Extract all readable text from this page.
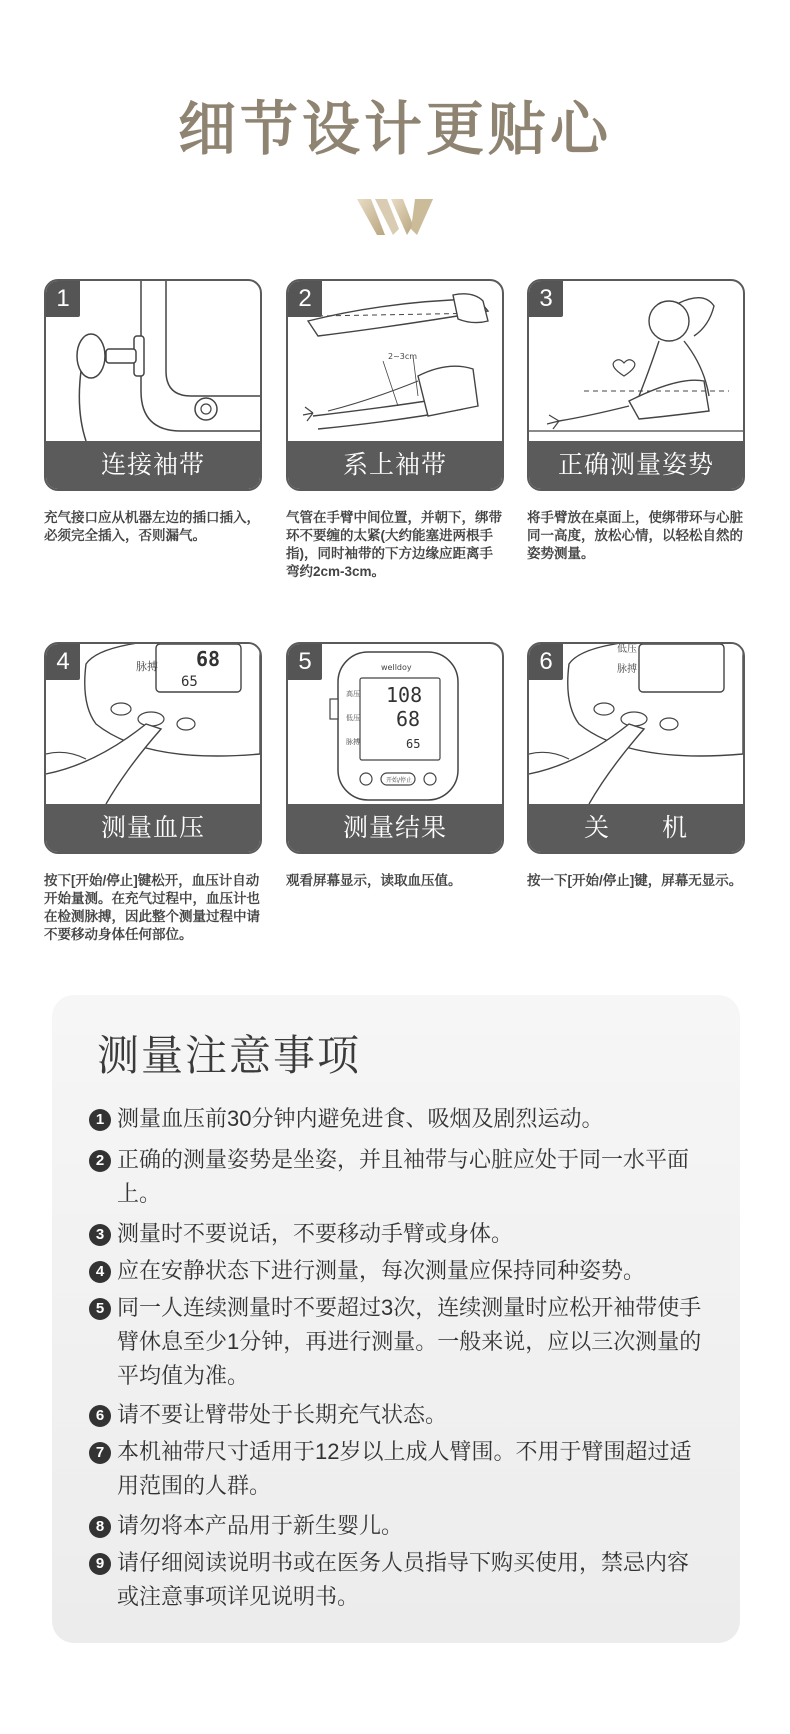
细节设计更贴心
1
连接袖带
充气接口应从机器左边的插口插入，必须完全插入，否则漏气。
2~3cm
2
系上袖带
气管在手臂中间位置，并朝下，绑带环不要缠的太紧(大约能塞进两根手指)，同时袖带的下方边缘应距离手弯约2cm-3cm。
3
正确测量姿势
将手臂放在桌面上，使绑带环与心脏同一高度，放松心情，以轻松自然的姿势测量。
脉搏 68
65
4
测量血压
按下[开始/停止]键松开，血压计自动开始量测。在充气过程中，血压计也在检测脉搏，因此整个测量过程中请不要移动身体任何部位。
welldoy
高压
低压
脉搏
108
68
65
开始/停止
5
测量结果
观看屏幕显示，读取血压值。
低压
脉搏
6
关　　机
按一下[开始/停止]键，屏幕无显示。
测量注意事项
1 测量血压前30分钟内避免进食、吸烟及剧烈运动。
2 正确的测量姿势是坐姿，并且袖带与心脏应处于同一水平面上。
3 测量时不要说话，不要移动手臂或身体。
4 应在安静状态下进行测量，每次测量应保持同种姿势。
5 同一人连续测量时不要超过3次，连续测量时应松开袖带使手臂休息至少1分钟，再进行测量。一般来说，应以三次测量的平均值为准。
6 请不要让臂带处于长期充气状态。
7 本机袖带尺寸适用于12岁以上成人臂围。不用于臂围超过适用范围的人群。
8 请勿将本产品用于新生婴儿。
9 请仔细阅读说明书或在医务人员指导下购买使用，禁忌内容或注意事项详见说明书。
